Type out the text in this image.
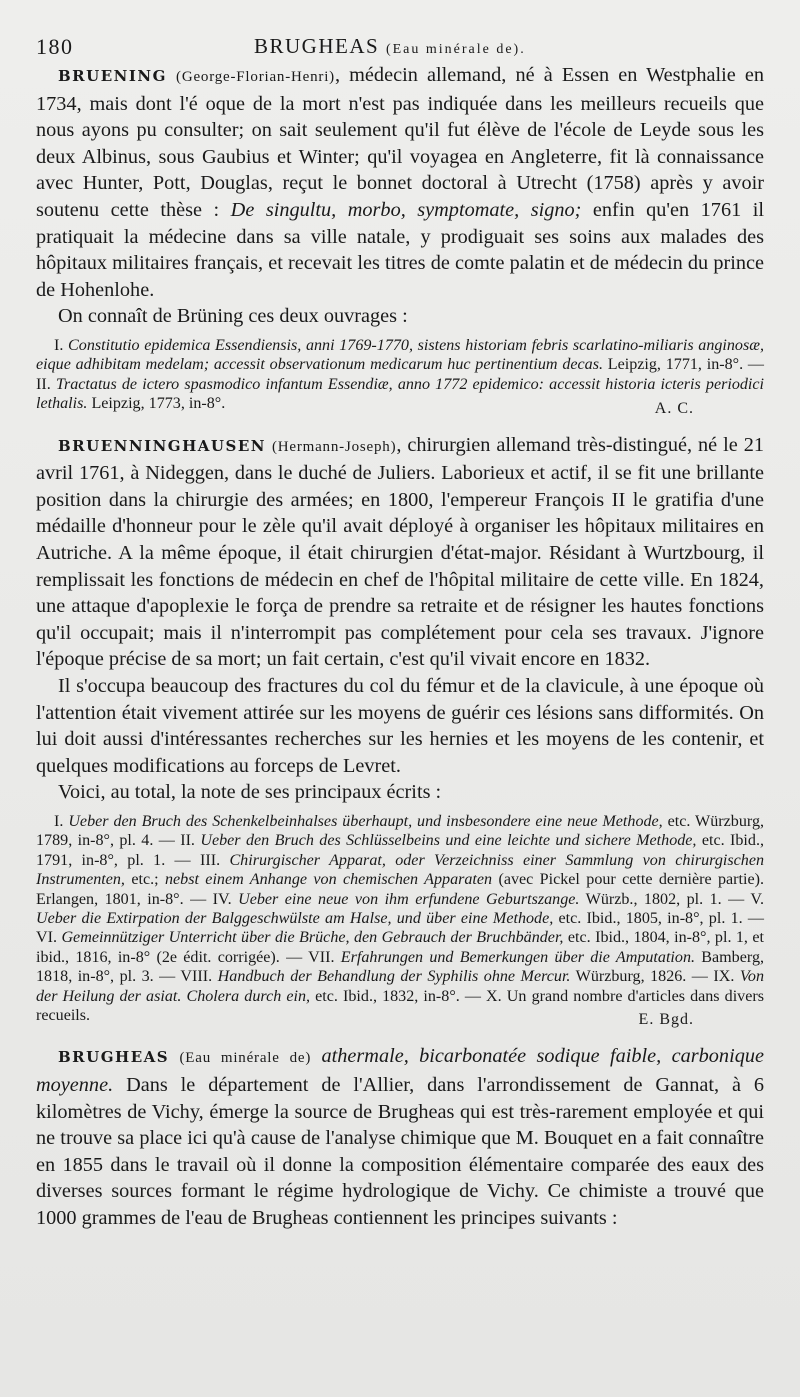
180	BRUGHEAS (Eau minérale de).

BRUENING (George-Florian-Henri), médecin allemand, né à Essen en Westphalie en 1734, mais dont l'é oque de la mort n'est pas indiquée dans les meilleurs recueils que nous ayons pu consulter; on sait seulement qu'il fut élève de l'école de Leyde sous les deux Albinus, sous Gaubius et Winter; qu'il voyagea en Angleterre, fit là connaissance avec Hunter, Pott, Douglas, reçut le bonnet doctoral à Utrecht (1758) après y avoir soutenu cette thèse : De singultu, morbo, symptomate, signo; enfin qu'en 1761 il pratiquait la médecine dans sa ville natale, y prodiguait ses soins aux malades des hôpitaux militaires français, et recevait les titres de comte palatin et de médecin du prince de Hohenlohe.

On connaît de Brüning ces deux ouvrages :

I. Constitutio epidemica Essendiensis, anni 1769-1770, sistens historiam febris scarlatino-miliaris anginosæ, eique adhibitam medelam; accessit observationum medicarum huc pertinentium decas. Leipzig, 1771, in-8°. — II. Tractatus de ictero spasmodico infantum Essendiæ, anno 1772 epidemico: accessit historia icteris periodici lethalis. Leipzig, 1773, in-8°.	A. C.

BRUENNINGHAUSEN (Hermann-Joseph), chirurgien allemand très-distingué, né le 21 avril 1761, à Nideggen, dans le duché de Juliers. Laborieux et actif, il se fit une brillante position dans la chirurgie des armées; en 1800, l'empereur François II le gratifia d'une médaille d'honneur pour le zèle qu'il avait déployé à organiser les hôpitaux militaires en Autriche. A la même époque, il était chirurgien d'état-major. Résidant à Wurtzbourg, il remplissait les fonctions de médecin en chef de l'hôpital militaire de cette ville. En 1824, une attaque d'apoplexie le força de prendre sa retraite et de résigner les hautes fonctions qu'il occupait; mais il n'interrompit pas complétement pour cela ses travaux. J'ignore l'époque précise de sa mort; un fait certain, c'est qu'il vivait encore en 1832.

Il s'occupa beaucoup des fractures du col du fémur et de la clavicule, à une époque où l'attention était vivement attirée sur les moyens de guérir ces lésions sans difformités. On lui doit aussi d'intéressantes recherches sur les hernies et les moyens de les contenir, et quelques modifications au forceps de Levret.

Voici, au total, la note de ses principaux écrits :

I. Ueber den Bruch des Schenkelbeinhalses überhaupt, und insbesondere eine neue Methode, etc. Würzburg, 1789, in-8°, pl. 4. — II. Ueber den Bruch des Schlüsselbeins und eine leichte und sichere Methode, etc. Ibid., 1791, in-8°, pl. 1. — III. Chirurgischer Apparat, oder Verzeichniss einer Sammlung von chirurgischen Instrumenten, etc.; nebst einem Anhange von chemischen Apparaten (avec Pickel pour cette dernière partie). Erlangen, 1801, in-8°. — IV. Ueber eine neue von ihm erfundene Geburtszange. Würzb., 1802, pl. 1. — V. Ueber die Extirpation der Balggeschwülste am Halse, und über eine Methode, etc. Ibid., 1805, in-8°, pl. 1. — VI. Gemeinnütziger Unterricht über die Brüche, den Gebrauch der Bruchbänder, etc. Ibid., 1804, in-8°, pl. 1, et ibid., 1816, in-8° (2e édit. corrigée). — VII. Erfahrungen und Bemerkungen über die Amputation. Bamberg, 1818, in-8°, pl. 3. — VIII. Handbuch der Behandlung der Syphilis ohne Mercur. Würzburg, 1826. — IX. Von der Heilung der asiat. Cholera durch ein, etc. Ibid., 1832, in-8°. — X. Un grand nombre d'articles dans divers recueils.	E. Bgd.

BRUGHEAS (Eau minérale de) athermale, bicarbonatée sodique faible, carbonique moyenne. Dans le département de l'Allier, dans l'arrondissement de Gannat, à 6 kilomètres de Vichy, émerge la source de Brugheas qui est très-rarement employée et qui ne trouve sa place ici qu'à cause de l'analyse chimique que M. Bouquet en a fait connaître en 1855 dans le travail où il donne la composition élémentaire comparée des eaux des diverses sources formant le régime hydrologique de Vichy. Ce chimiste a trouvé que 1000 grammes de l'eau de Brugheas contiennent les principes suivants :
